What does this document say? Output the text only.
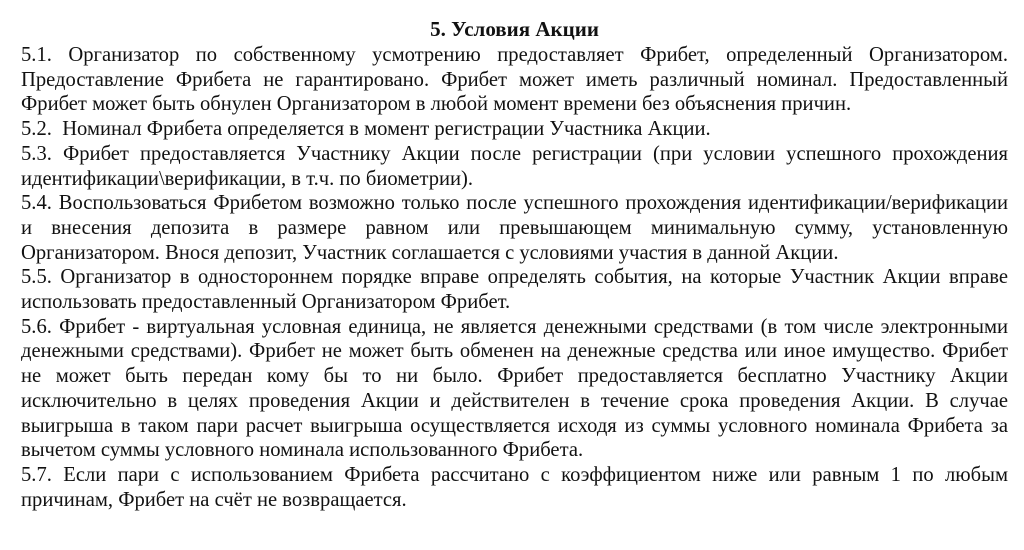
5. Условия Акции

5.1. Организатор по собственному усмотрению предоставляет Фрибет, определенный Организатором. Предоставление Фрибета не гарантировано. Фрибет может иметь различный номинал. Предоставленный Фрибет может быть обнулен Организатором в любой момент времени без объяснения причин.

5.2. Номинал Фрибета определяется в момент регистрации Участника Акции.

5.3. Фрибет предоставляется Участнику Акции после регистрации (при условии успешного прохождения идентификации\верификации, в т.ч. по биометрии).

5.4. Воспользоваться Фрибетом возможно только после успешного прохождения идентификации/верификации и внесения депозита в размере равном или превышающем минимальную сумму, установленную Организатором. Внося депозит, Участник соглашается с условиями участия в данной Акции.

5.5. Организатор в одностороннем порядке вправе определять события, на которые Участник Акции вправе использовать предоставленный Организатором Фрибет.

5.6. Фрибет - виртуальная условная единица, не является денежными средствами (в том числе электронными денежными средствами). Фрибет не может быть обменен на денежные средства или иное имущество. Фрибет не может быть передан кому бы то ни было. Фрибет предоставляется бесплатно Участнику Акции исключительно в целях проведения Акции и действителен в течение срока проведения Акции. В случае выигрыша в таком пари расчет выигрыша осуществляется исходя из суммы условного номинала Фрибета за вычетом суммы условного номинала использованного Фрибета.

5.7. Если пари с использованием Фрибета рассчитано с коэффициентом ниже или равным 1 по любым причинам, Фрибет на счёт не возвращается.
